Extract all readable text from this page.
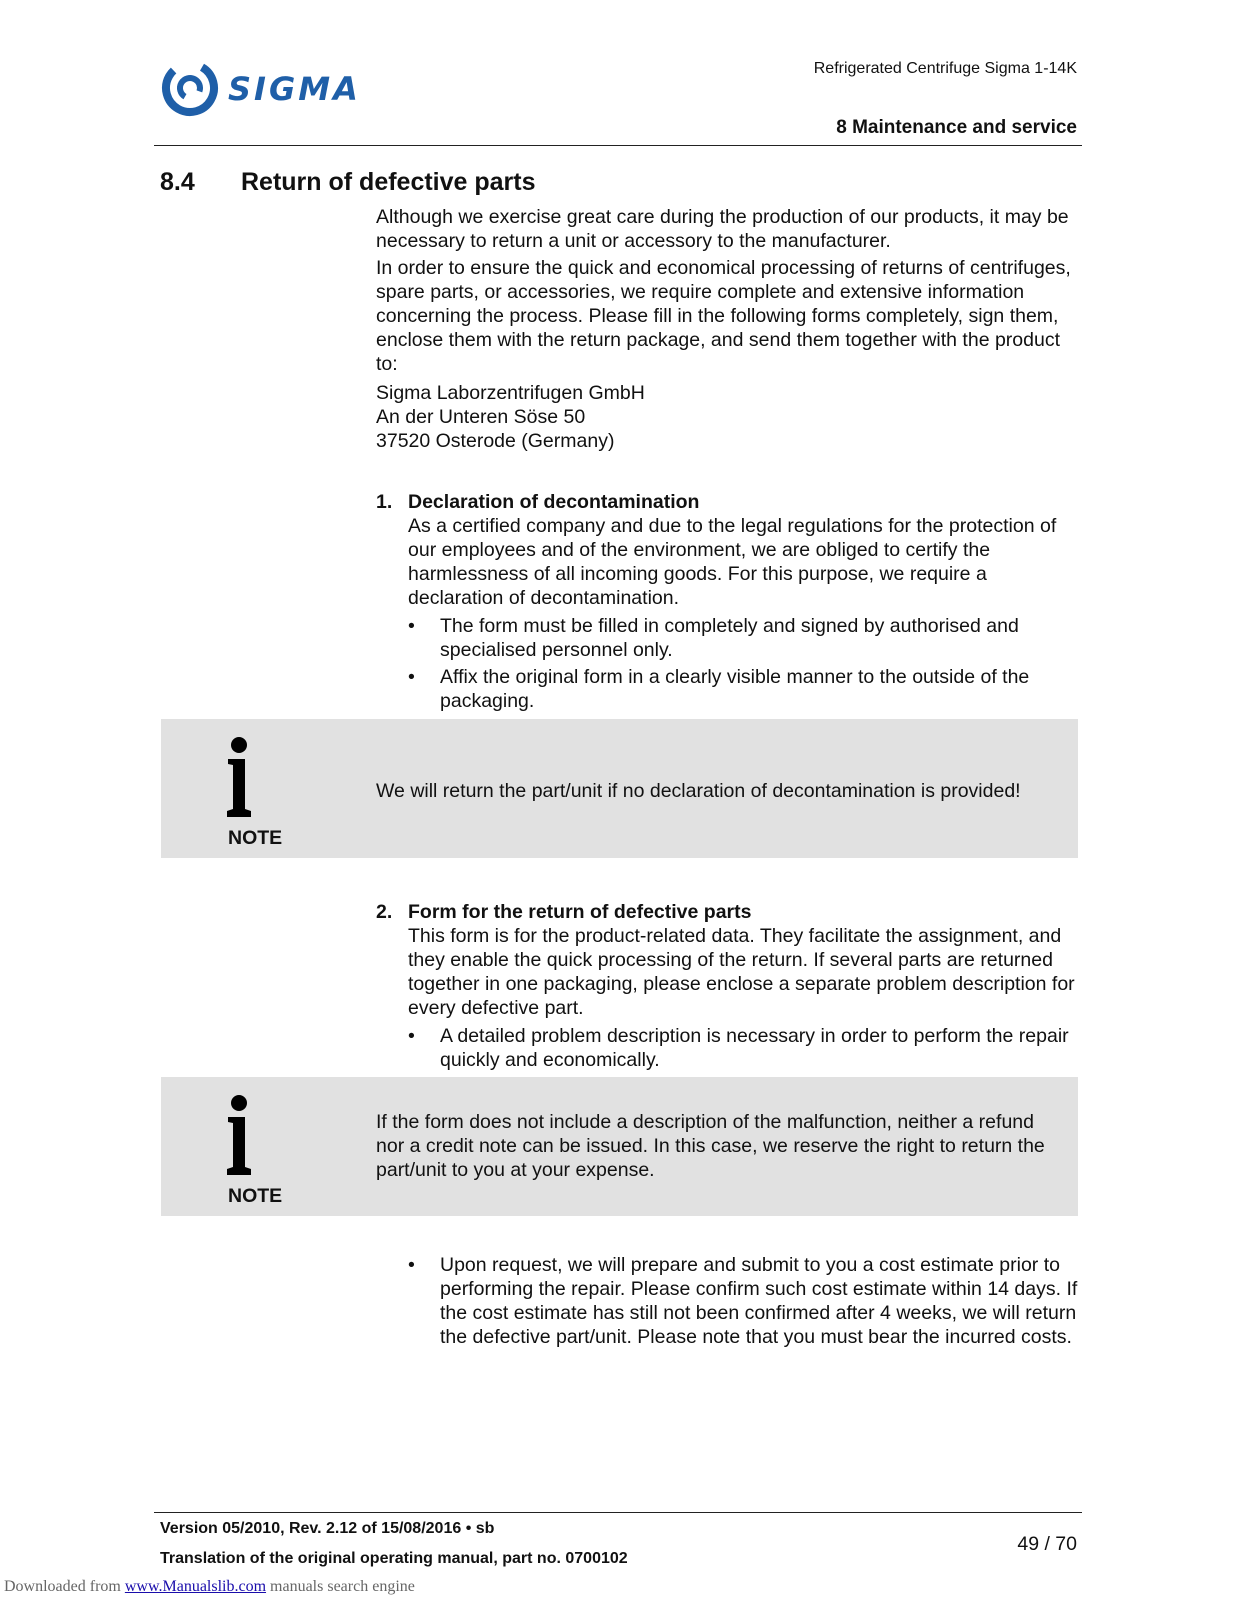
SIGMA
Refrigerated Centrifuge Sigma 1-14K
8 Maintenance and service
8.4 Return of defective parts

Although we exercise great care during the production of our products, it may be necessary to return a unit or accessory to the manufacturer.

In order to ensure the quick and economical processing of returns of centrifuges, spare parts, or accessories, we require complete and extensive information concerning the process. Please fill in the following forms completely, sign them, enclose them with the return package, and send them together with the product to:

Sigma Laborzentrifugen GmbH
An der Unteren Söse 50
37520 Osterode (Germany)
1. Declaration of decontamination
As a certified company and due to the legal regulations for the protection of our employees and of the environment, we are obliged to certify the harmlessness of all incoming goods. For this purpose, we require a declaration of decontamination.
• The form must be filled in completely and signed by authorised and specialised personnel only.
• Affix the original form in a clearly visible manner to the outside of the packaging.
NOTE
We will return the part/unit if no declaration of decontamination is provided!
2. Form for the return of defective parts
This form is for the product-related data. They facilitate the assignment, and they enable the quick processing of the return. If several parts are returned together in one packaging, please enclose a separate problem description for every defective part.
• A detailed problem description is necessary in order to perform the repair quickly and economically.
NOTE
If the form does not include a description of the malfunction, neither a refund nor a credit note can be issued. In this case, we reserve the right to return the part/unit to you at your expense.
• Upon request, we will prepare and submit to you a cost estimate prior to performing the repair. Please confirm such cost estimate within 14 days. If the cost estimate has still not been confirmed after 4 weeks, we will return the defective part/unit. Please note that you must bear the incurred costs.
Version 05/2010, Rev. 2.12 of 15/08/2016 • sb
Translation of the original operating manual, part no. 0700102
49 / 70
Downloaded from www.Manualslib.com manuals search engine
